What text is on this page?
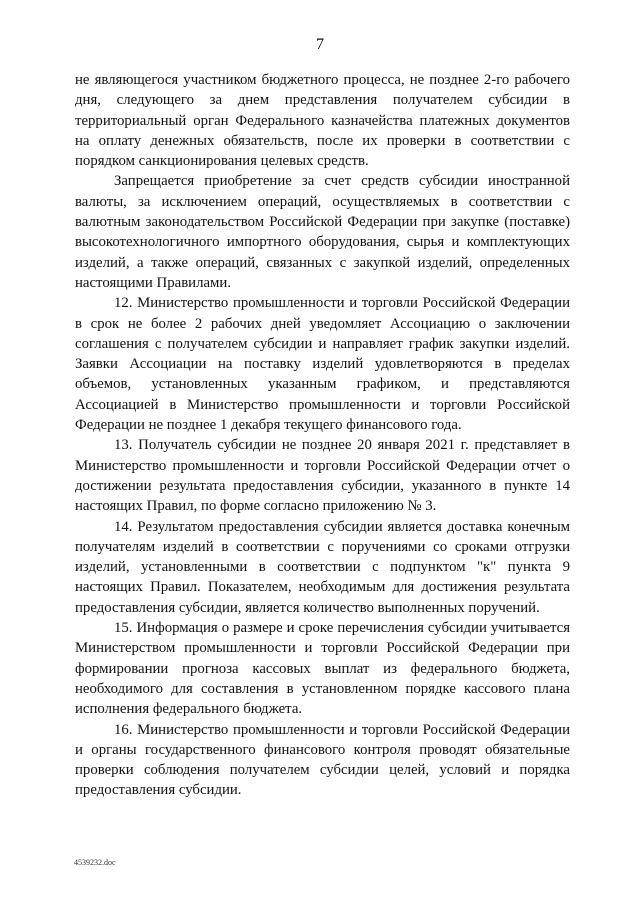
7

не являющегося участником бюджетного процесса, не позднее 2-го рабочего дня, следующего за днем представления получателем субсидии в территориальный орган Федерального казначейства платежных документов на оплату денежных обязательств, после их проверки в соответствии с порядком санкционирования целевых средств.

Запрещается приобретение за счет средств субсидии иностранной валюты, за исключением операций, осуществляемых в соответствии с валютным законодательством Российской Федерации при закупке (поставке) высокотехнологичного импортного оборудования, сырья и комплектующих изделий, а также операций, связанных с закупкой изделий, определенных настоящими Правилами.

12. Министерство промышленности и торговли Российской Федерации в срок не более 2 рабочих дней уведомляет Ассоциацию о заключении соглашения с получателем субсидии и направляет график закупки изделий. Заявки Ассоциации на поставку изделий удовлетворяются в пределах объемов, установленных указанным графиком, и представляются Ассоциацией в Министерство промышленности и торговли Российской Федерации не позднее 1 декабря текущего финансового года.

13. Получатель субсидии не позднее 20 января 2021 г. представляет в Министерство промышленности и торговли Российской Федерации отчет о достижении результата предоставления субсидии, указанного в пункте 14 настоящих Правил, по форме согласно приложению № 3.

14. Результатом предоставления субсидии является доставка конечным получателям изделий в соответствии с поручениями со сроками отгрузки изделий, установленными в соответствии с подпунктом "к" пункта 9 настоящих Правил. Показателем, необходимым для достижения результата предоставления субсидии, является количество выполненных поручений.

15. Информация о размере и сроке перечисления субсидии учитывается Министерством промышленности и торговли Российской Федерации при формировании прогноза кассовых выплат из федерального бюджета, необходимого для составления в установленном порядке кассового плана исполнения федерального бюджета.

16. Министерство промышленности и торговли Российской Федерации и органы государственного финансового контроля проводят обязательные проверки соблюдения получателем субсидии целей, условий и порядка предоставления субсидии.

4539232.doc
